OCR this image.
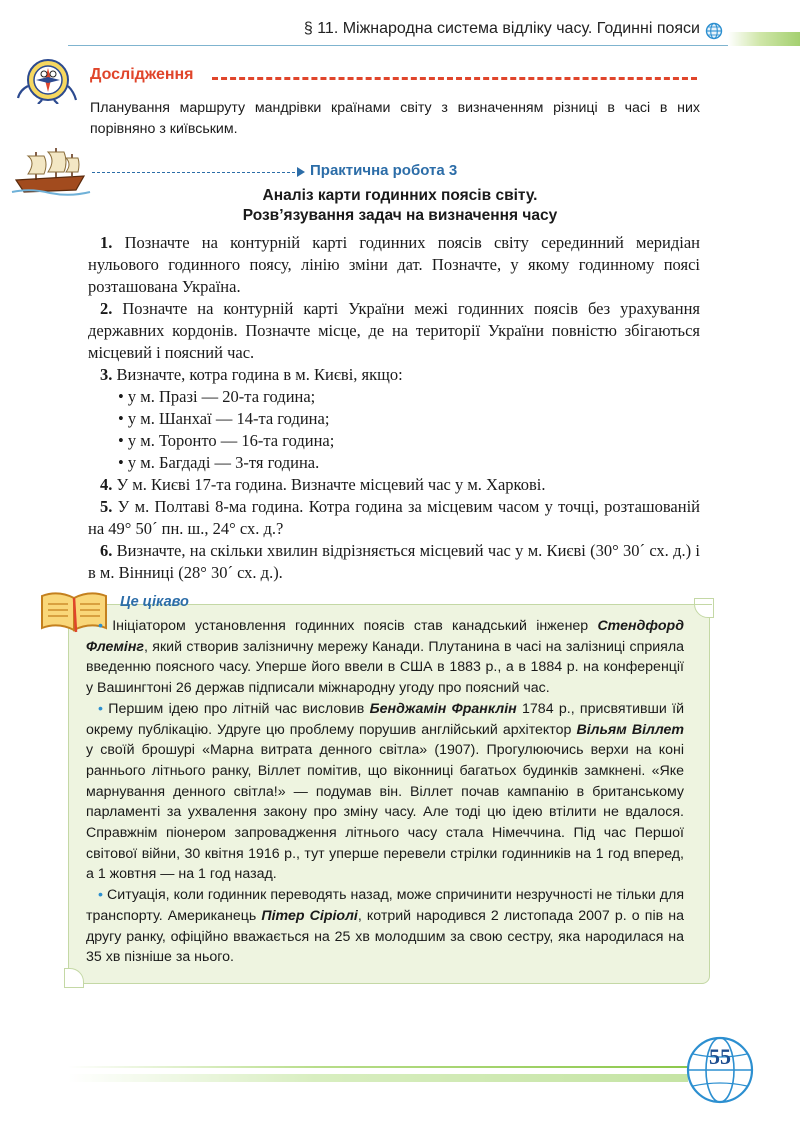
§ 11. Міжнародна система відліку часу. Годинні пояси
Дослідження
Планування маршруту мандрівки країнами світу з визначенням різниці в часі в них порівняно з київським.
Практична робота 3
Аналіз карти годинних поясів світу.
Розв’язування задач на визначення часу
1. Позначте на контурній карті годинних поясів світу серединний меридіан нульового годинного поясу, лінію зміни дат. Позначте, у якому годинному поясі розташована Україна.
2. Позначте на контурній карті України межі годинних поясів без урахування державних кордонів. Позначте місце, де на території України повністю збігаються місцевий і поясний час.
3. Визначте, котра година в м. Києві, якщо:
• у м. Празі — 20-та година;
• у м. Шанхаї — 14-та година;
• у м. Торонто — 16-та година;
• у м. Багдаді — 3-тя година.
4. У м. Києві 17-та година. Визначте місцевий час у м. Харкові.
5. У м. Полтаві 8-ма година. Котра година за місцевим часом у точці, розташованій на 49° 50´ пн. ш., 24° сх. д.?
6. Визначте, на скільки хвилин відрізняється місцевий час у м. Києві (30° 30´ сх. д.) і в м. Вінниці (28° 30´ сх. д.).
Це цікаво

• Ініціатором установлення годинних поясів став канадський інженер Стендфорд Флемінг, який створив залізничну мережу Канади. Плутанина в часі на залізниці сприяла введенню поясного часу. Уперше його ввели в США в 1883 р., а в 1884 р. на конференції у Вашингтоні 26 держав підписали міжнародну угоду про поясний час.

• Першим ідею про літній час висловив Бенджамін Франклін 1784 р., присвятивши їй окрему публікацію. Удруге цю проблему порушив англійський архітектор Вільям Віллет у своїй брошурі «Марна витрата денного світла» (1907). Прогулюючись верхи на коні раннього літнього ранку, Віллет помітив, що віконниці багатьох будинків замкнені. «Яке марнування денного світла!» — подумав він. Віллет почав кампанію в британському парламенті за ухвалення закону про зміну часу. Але тоді цю ідею втілити не вдалося. Справжнім піонером запровадження літнього часу стала Німеччина. Під час Першої світової війни, 30 квітня 1916 р., тут уперше перевели стрілки годинників на 1 год вперед, а 1 жовтня — на 1 год назад.

• Ситуація, коли годинник переводять назад, може спричинити незручності не тільки для транспорту. Американець Пітер Сіріолі, котрий народився 2 листопада 2007 р. о пів на другу ранку, офіційно вважається на 25 хв молодшим за свою сестру, яка народилася на 35 хв пізніше за нього.

55
